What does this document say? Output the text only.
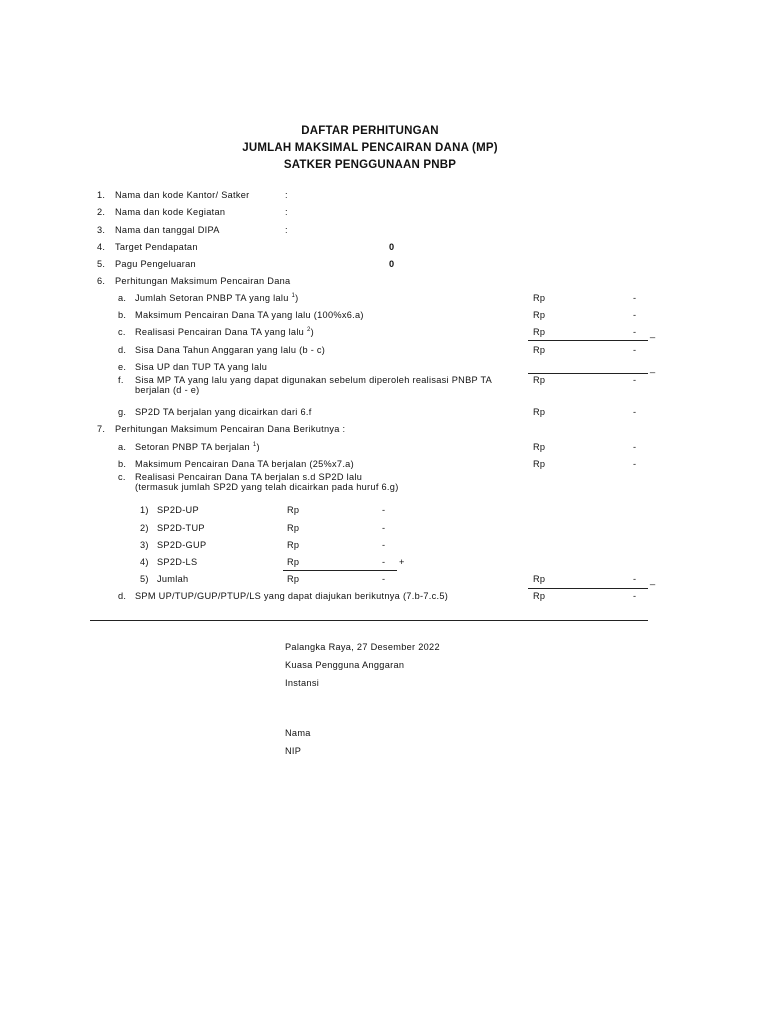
DAFTAR PERHITUNGAN
JUMLAH MAKSIMAL PENCAIRAN DANA (MP)
SATKER PENGGUNAAN PNBP
1. Nama dan kode Kantor/ Satker	:
2. Nama dan kode Kegiatan	:
3. Nama dan tanggal DIPA	:
4. Target Pendapatan	0
5. Pagu Pengeluaran	0
6. Perhitungan Maksimum Pencairan Dana
a. Jumlah Setoran PNBP TA yang lalu $^1$)	Rp	-
b. Maksimum Pencairan Dana TA yang lalu (100%x6.a)	Rp	-
c. Realisasi Pencairan Dana TA yang lalu $^2$)	Rp	- _
d. Sisa Dana Tahun Anggaran yang lalu (b - c)	Rp	-
e. Sisa UP dan TUP TA yang lalu	_
f. Sisa MP TA yang lalu yang dapat digunakan sebelum diperoleh realisasi PNBP TA
berjalan (d - e)
Rp	-
g. SP2D TA berjalan yang dicairkan dari 6.f	Rp	-
7. Perhitungan Maksimum Pencairan Dana Berikutnya :
a. Setoran PNBP TA berjalan $^1$)	Rp	-
b. Maksimum Pencairan Dana TA berjalan (25%x7.a)	Rp	-
c. Realisasi Pencairan Dana TA berjalan s.d SP2D lalu
(termasuk jumlah SP2D yang telah dicairkan pada huruf 6.g)
1) SP2D-UP	Rp	-
2) SP2D-TUP	Rp	-
3) SP2D-GUP	Rp	-
4) SP2D-LS	Rp	- +
5) Jumlah	Rp	-	Rp	- _
d. SPM UP/TUP/GUP/PTUP/LS yang dapat diajukan berikutnya (7.b-7.c.5)	Rp	-
Palangka Raya, 27 Desember 2022
Kuasa Pengguna Anggaran
Instansi
Nama
NIP
